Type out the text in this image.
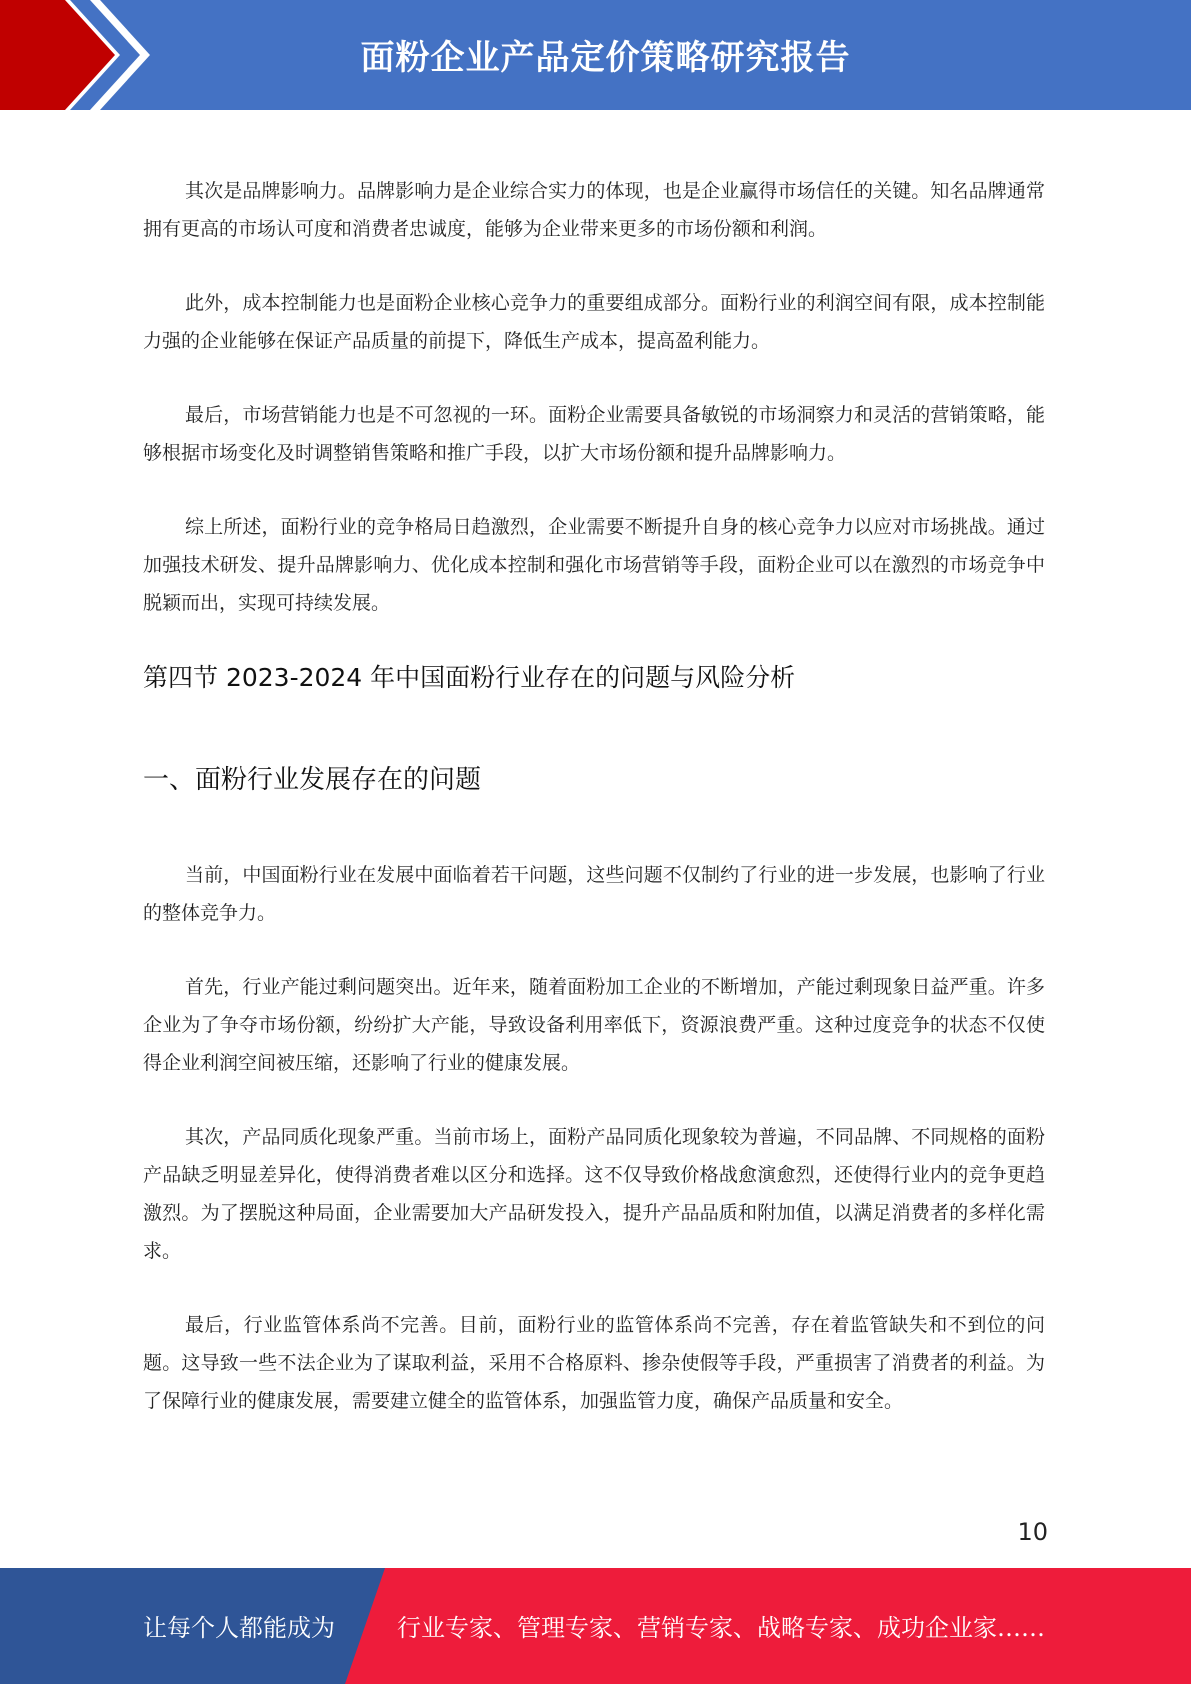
面粉企业产品定价策略研究报告

其次是品牌影响力。品牌影响力是企业综合实力的体现，也是企业赢得市场信任的关键。知名品牌通常拥有更高的市场认可度和消费者忠诚度，能够为企业带来更多的市场份额和利润。

此外，成本控制能力也是面粉企业核心竞争力的重要组成部分。面粉行业的利润空间有限，成本控制能力强的企业能够在保证产品质量的前提下，降低生产成本，提高盈利能力。

最后，市场营销能力也是不可忽视的一环。面粉企业需要具备敏锐的市场洞察力和灵活的营销策略，能够根据市场变化及时调整销售策略和推广手段，以扩大市场份额和提升品牌影响力。

综上所述，面粉行业的竞争格局日趋激烈，企业需要不断提升自身的核心竞争力以应对市场挑战。通过加强技术研发、提升品牌影响力、优化成本控制和强化市场营销等手段，面粉企业可以在激烈的市场竞争中脱颖而出，实现可持续发展。

第四节 2023-2024 年中国面粉行业存在的问题与风险分析
一、面粉行业发展存在的问题

当前，中国面粉行业在发展中面临着若干问题，这些问题不仅制约了行业的进一步发展，也影响了行业的整体竞争力。

首先，行业产能过剩问题突出。近年来，随着面粉加工企业的不断增加，产能过剩现象日益严重。许多企业为了争夺市场份额，纷纷扩大产能，导致设备利用率低下，资源浪费严重。这种过度竞争的状态不仅使得企业利润空间被压缩，还影响了行业的健康发展。

其次，产品同质化现象严重。当前市场上，面粉产品同质化现象较为普遍，不同品牌、不同规格的面粉产品缺乏明显差异化，使得消费者难以区分和选择。这不仅导致价格战愈演愈烈，还使得行业内的竞争更趋激烈。为了摆脱这种局面，企业需要加大产品研发投入，提升产品品质和附加值，以满足消费者的多样化需求。

最后，行业监管体系尚不完善。目前，面粉行业的监管体系尚不完善，存在着监管缺失和不到位的问题。这导致一些不法企业为了谋取利益，采用不合格原料、掺杂使假等手段，严重损害了消费者的利益。为了保障行业的健康发展，需要建立健全的监管体系，加强监管力度，确保产品质量和安全。

10
让每个人都能成为	行业专家、管理专家、营销专家、战略专家、成功企业家……
